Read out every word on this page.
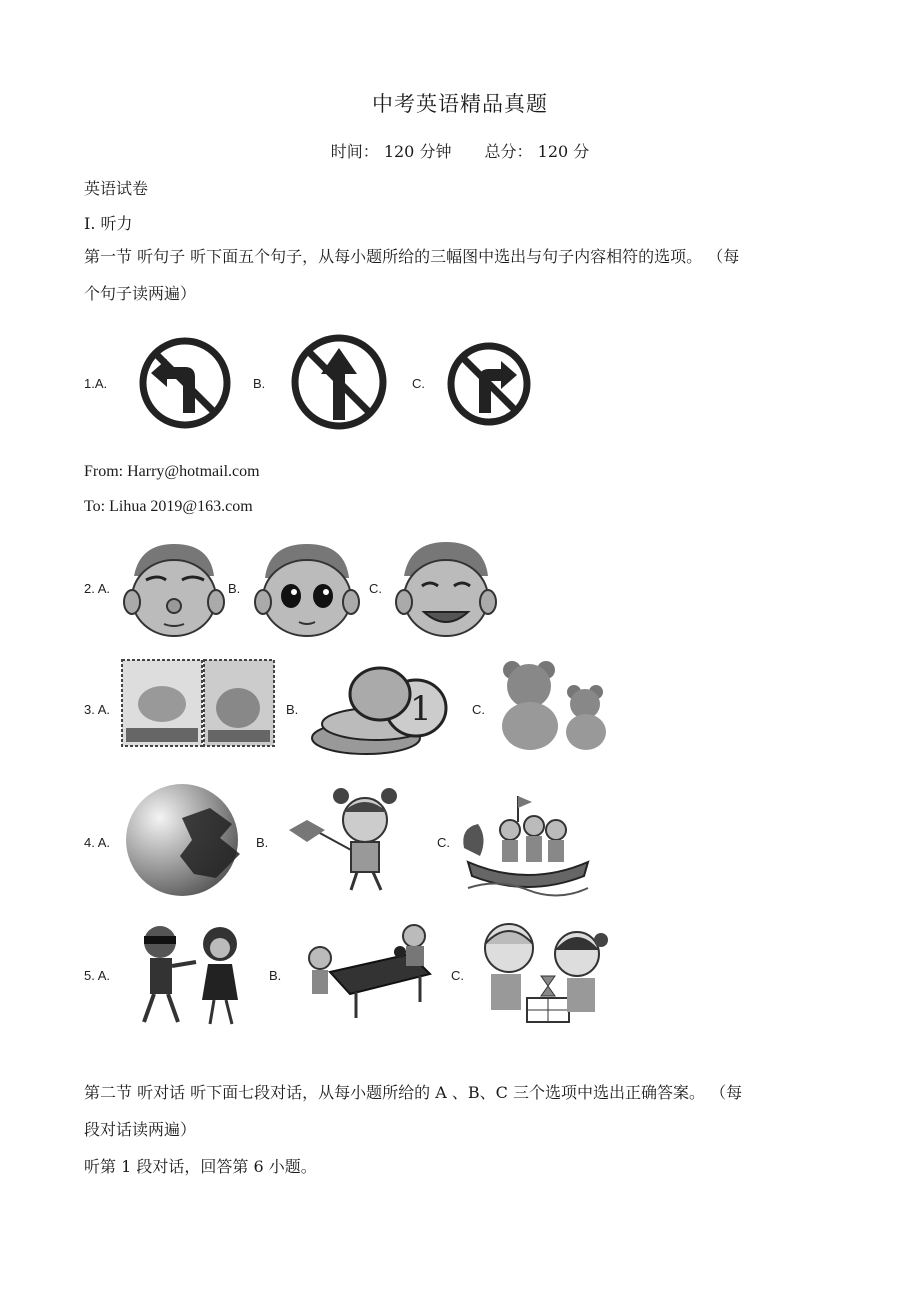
中考英语精品真题
时间： 120 分钟 总分： 120 分
英语试卷
Ⅰ. 听力
第一节 听句子 听下面五个句子，从每小题所给的三幅图中选出与句子内容相符的选项。 （每
个句子读两遍）
1.A.	B.	C.
From: Harry@hotmail.com
To: Lihua 2019@163.com
2. A.	B.	C.
3. A.	B.	1	C.
4. A.	B.	C.
5. A.	B.	C.
第二节 听对话 听下面七段对话，从每小题所给的 A 、B、C 三个选项中选出正确答案。 （每
段对话读两遍）
听第 1 段对话，回答第 6 小题。
